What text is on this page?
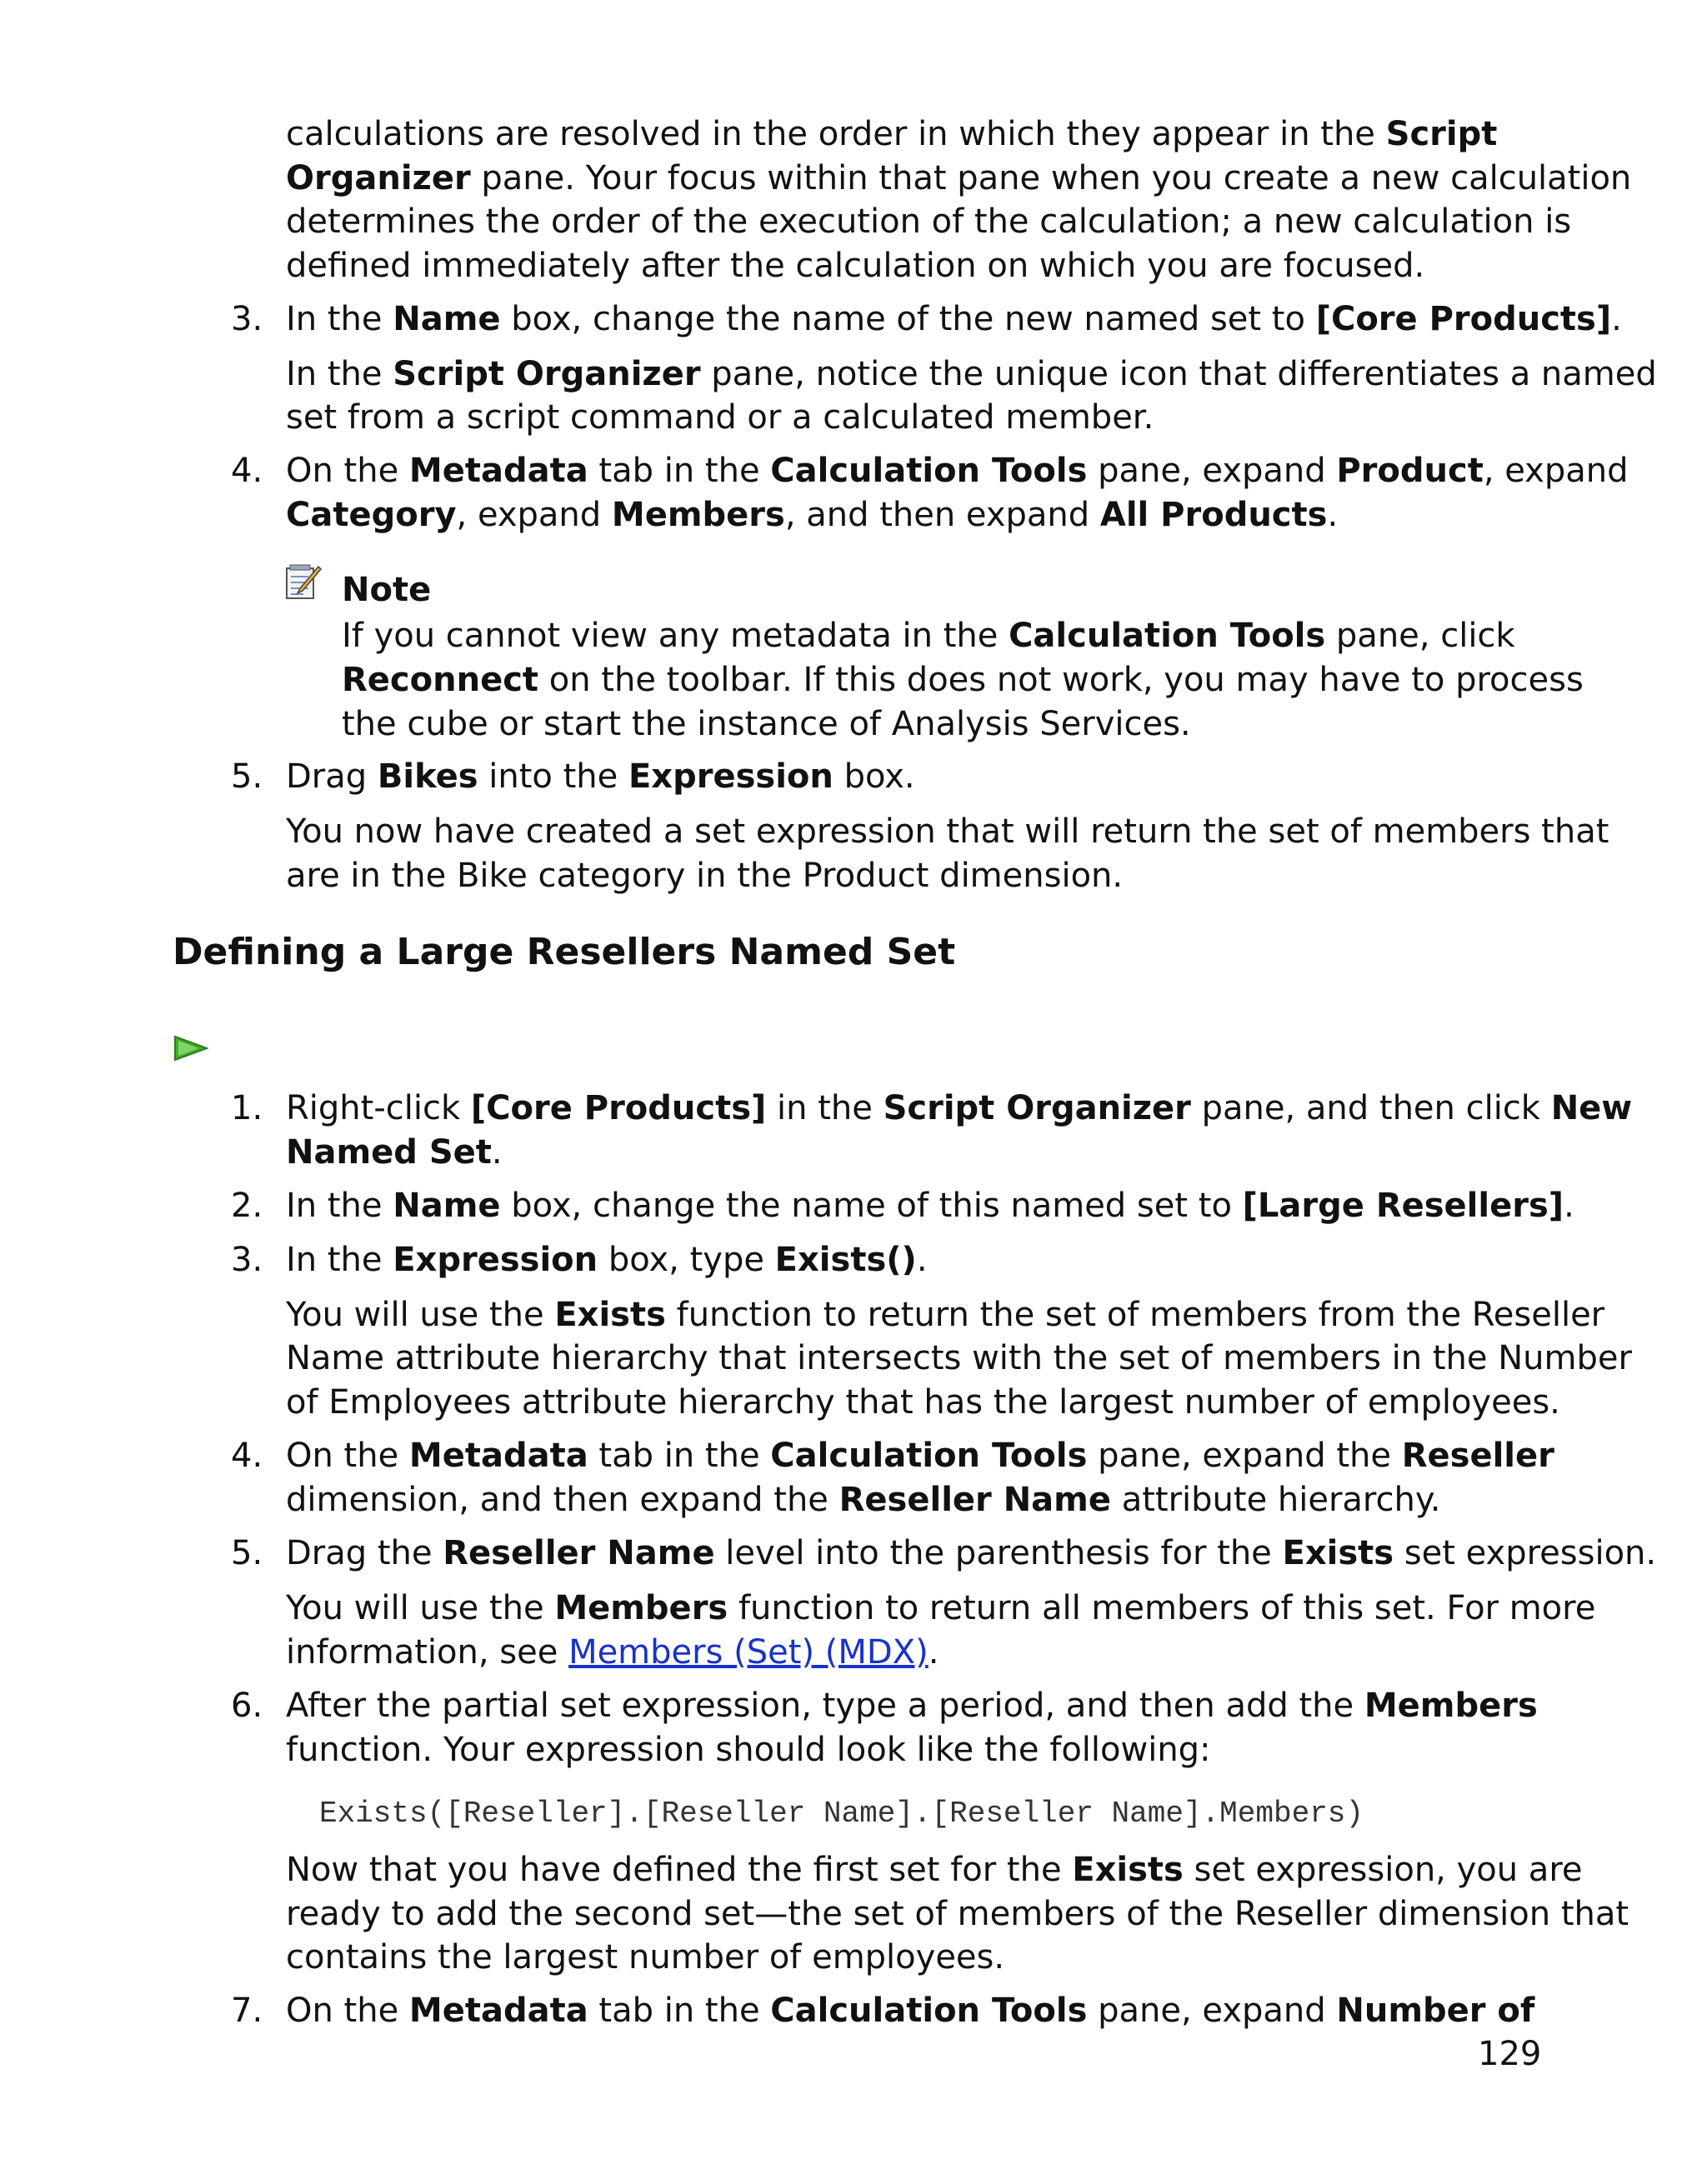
calculations are resolved in the order in which they appear in the Script
Organizer pane. Your focus within that pane when you create a new calculation
determines the order of the execution of the calculation; a new calculation is
defined immediately after the calculation on which you are focused.
3. In the Name box, change the name of the new named set to [Core Products].
In the Script Organizer pane, notice the unique icon that differentiates a named
set from a script command or a calculated member.
4. On the Metadata tab in the Calculation Tools pane, expand Product, expand
Category, expand Members, and then expand All Products.
Note
If you cannot view any metadata in the Calculation Tools pane, click
Reconnect on the toolbar. If this does not work, you may have to process
the cube or start the instance of Analysis Services.
5. Drag Bikes into the Expression box.
You now have created a set expression that will return the set of members that
are in the Bike category in the Product dimension.
Defining a Large Resellers Named Set
1. Right-click [Core Products] in the Script Organizer pane, and then click New
Named Set.
2. In the Name box, change the name of this named set to [Large Resellers].
3. In the Expression box, type Exists().
You will use the Exists function to return the set of members from the Reseller
Name attribute hierarchy that intersects with the set of members in the Number
of Employees attribute hierarchy that has the largest number of employees.
4. On the Metadata tab in the Calculation Tools pane, expand the Reseller
dimension, and then expand the Reseller Name attribute hierarchy.
5. Drag the Reseller Name level into the parenthesis for the Exists set expression.
You will use the Members function to return all members of this set. For more
information, see Members (Set) (MDX).
6. After the partial set expression, type a period, and then add the Members
function. Your expression should look like the following:
Exists([Reseller].[Reseller Name].[Reseller Name].Members)
Now that you have defined the first set for the Exists set expression, you are
ready to add the second set—the set of members of the Reseller dimension that
contains the largest number of employees.
7. On the Metadata tab in the Calculation Tools pane, expand Number of
129
